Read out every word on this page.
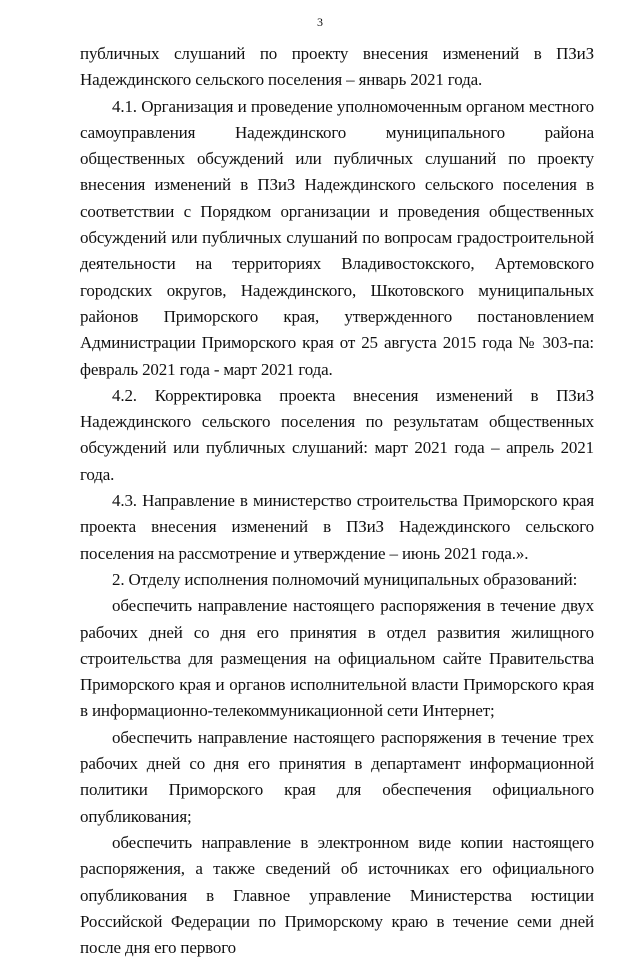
3

публичных слушаний по проекту внесения изменений в ПЗиЗ Надеждинского сельского поселения – январь 2021 года.

4.1. Организация и проведение уполномоченным органом местного самоуправления Надеждинского муниципального района общественных обсуждений или публичных слушаний по проекту внесения изменений в ПЗиЗ Надеждинского сельского поселения в соответствии с Порядком организации и проведения общественных обсуждений или публичных слушаний по вопросам градостроительной деятельности на территориях Владивостокского, Артемовского городских округов, Надеждинского, Шкотовского муниципальных районов Приморского края, утвержденного постановлением Администрации Приморского края от 25 августа 2015 года № 303-па: февраль 2021 года - март 2021 года.

4.2. Корректировка проекта внесения изменений в ПЗиЗ Надеждинского сельского поселения по результатам общественных обсуждений или публичных слушаний: март 2021 года – апрель 2021 года.

4.3. Направление в министерство строительства Приморского края проекта внесения изменений в ПЗиЗ Надеждинского сельского поселения на рассмотрение и утверждение – июнь 2021 года.».

2. Отделу исполнения полномочий муниципальных образований:

обеспечить направление настоящего распоряжения в течение двух рабочих дней со дня его принятия в отдел развития жилищного строительства для размещения на официальном сайте Правительства Приморского края и органов исполнительной власти Приморского края в информационно-телекоммуникационной сети Интернет;

обеспечить направление настоящего распоряжения в течение трех рабочих дней со дня его принятия в департамент информационной политики Приморского края для обеспечения официального опубликования;

обеспечить направление в электронном виде копии настоящего распоряжения, а также сведений об источниках его официального опубликования в Главное управление Министерства юстиции Российской Федерации по Приморскому краю в течение семи дней после дня его первого
